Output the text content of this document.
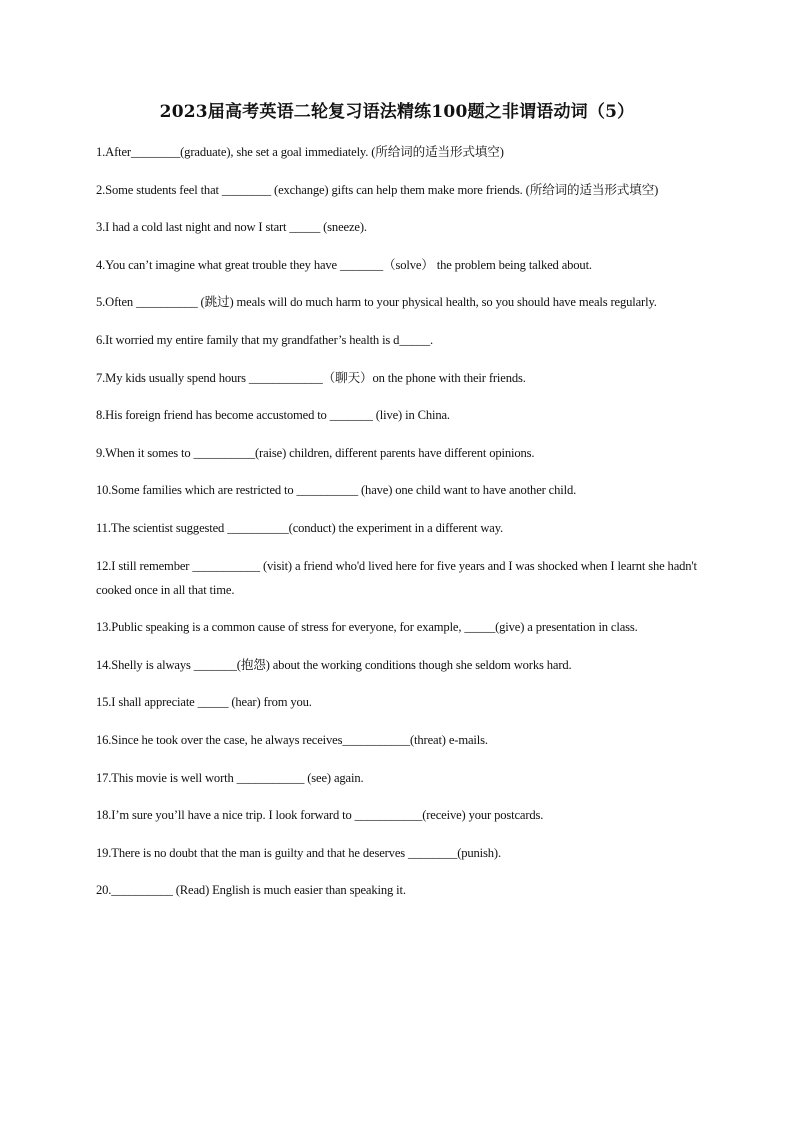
2023届高考英语二轮复习语法精练100题之非谓语动词（5）
1.After________(graduate), she set a goal immediately. (所给词的适当形式填空)
2.Some students feel that ________ (exchange) gifts can help them make more friends. (所给词的适当形式填空)
3.I had a cold last night and now I start _____ (sneeze).
4.You can’t imagine what great trouble they have _______（solve） the problem being talked about.
5.Often __________ (跳过) meals will do much harm to your physical health, so you should have meals regularly.
6.It worried my entire family that my grandfather’s health is d_____.
7.My kids usually spend hours ____________（聊天）on the phone with their friends.
8.His foreign friend has become accustomed to _______ (live) in China.
9.When it somes to __________(raise) children, different parents have different opinions.
10.Some families which are restricted to __________ (have) one child want to have another child.
11.The scientist suggested __________(conduct) the experiment in a different way.
12.I still remember ___________ (visit) a friend who'd lived here for five years and I was shocked when I learnt she hadn't cooked once in all that time.
13.Public speaking is a common cause of stress for everyone, for example, _____(give) a presentation in class.
14.Shelly is always _______(抱怨) about the working conditions though she seldom works hard.
15.I shall appreciate _____ (hear) from you.
16.Since he took over the case, he always receives___________(threat) e-mails.
17.This movie is well worth ___________ (see) again.
18.I’m sure you’ll have a nice trip. I look forward to ___________(receive) your postcards.
19.There is no doubt that the man is guilty and that he deserves ________(punish).
20.__________ (Read) English is much easier than speaking it.
